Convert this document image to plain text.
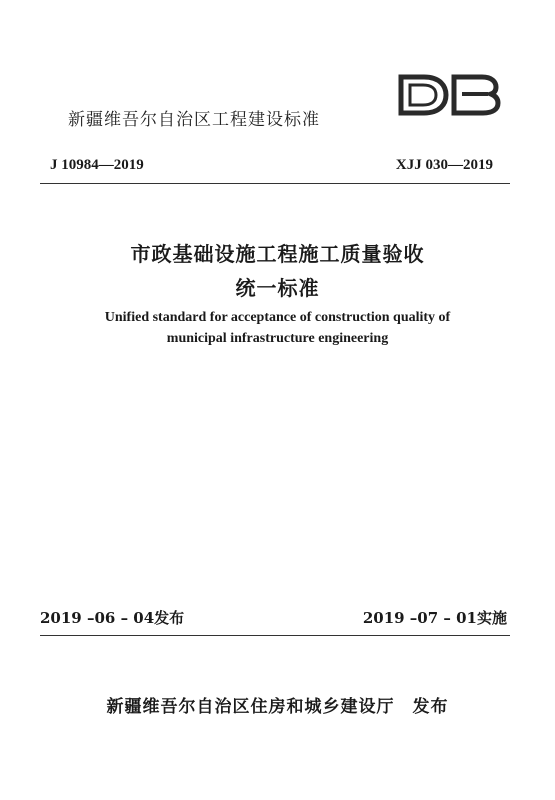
新疆维吾尔自治区工程建设标准
J 10984—2019	XJJ 030—2019
市政基础设施工程施工质量验收
统一标准
Unified standard for acceptance of construction quality of
municipal infrastructure engineering
2019 –06 – 04发布	2019 –07 – 01实施
新疆维吾尔自治区住房和城乡建设厅　发布
